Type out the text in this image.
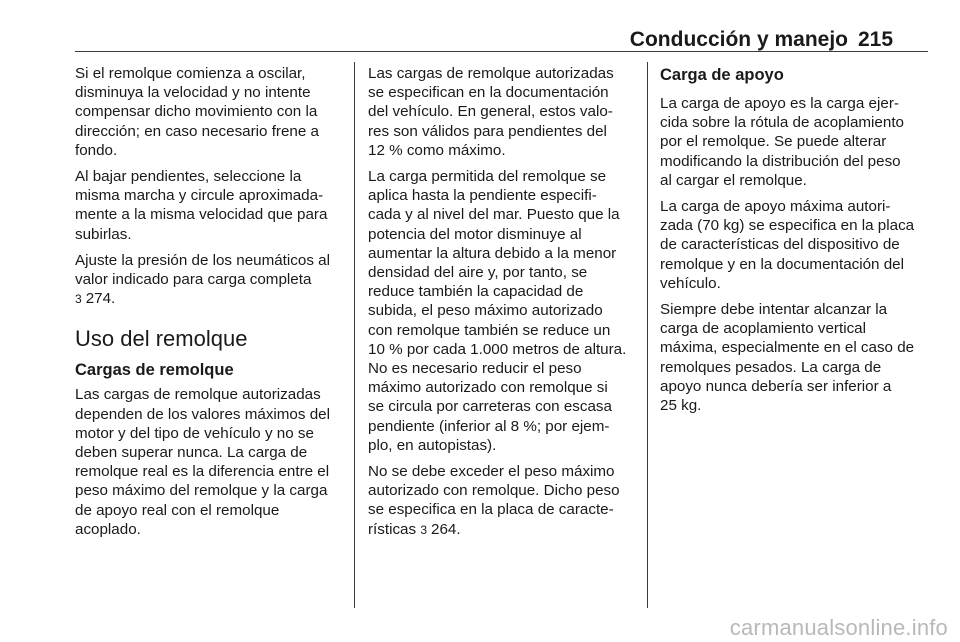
Conducción y manejo 215
Si el remolque comienza a oscilar,
disminuya la velocidad y no intente
compensar dicho movimiento con la
dirección; en caso necesario frene a
fondo.
Al bajar pendientes, seleccione la
misma marcha y circule aproximada-
mente a la misma velocidad que para
subirlas.
Ajuste la presión de los neumáticos al
valor indicado para carga completa
3 274.
Uso del remolque
Cargas de remolque
Las cargas de remolque autorizadas
dependen de los valores máximos del
motor y del tipo de vehículo y no se
deben superar nunca. La carga de
remolque real es la diferencia entre el
peso máximo del remolque y la carga
de apoyo real con el remolque
acoplado.
Las cargas de remolque autorizadas
se especifican en la documentación
del vehículo. En general, estos valo-
res son válidos para pendientes del
12 % como máximo.
La carga permitida del remolque se
aplica hasta la pendiente especifi-
cada y al nivel del mar. Puesto que la
potencia del motor disminuye al
aumentar la altura debido a la menor
densidad del aire y, por tanto, se
reduce también la capacidad de
subida, el peso máximo autorizado
con remolque también se reduce un
10 % por cada 1.000 metros de altura.
No es necesario reducir el peso
máximo autorizado con remolque si
se circula por carreteras con escasa
pendiente (inferior al 8 %; por ejem-
plo, en autopistas).
No se debe exceder el peso máximo
autorizado con remolque. Dicho peso
se especifica en la placa de caracte-
rísticas 3 264.
Carga de apoyo
La carga de apoyo es la carga ejer-
cida sobre la rótula de acoplamiento
por el remolque. Se puede alterar
modificando la distribución del peso
al cargar el remolque.
La carga de apoyo máxima autori-
zada (70 kg) se especifica en la placa
de características del dispositivo de
remolque y en la documentación del
vehículo.
Siempre debe intentar alcanzar la
carga de acoplamiento vertical
máxima, especialmente en el caso de
remolques pesados. La carga de
apoyo nunca debería ser inferior a
25 kg.
carmanualsonline.info
